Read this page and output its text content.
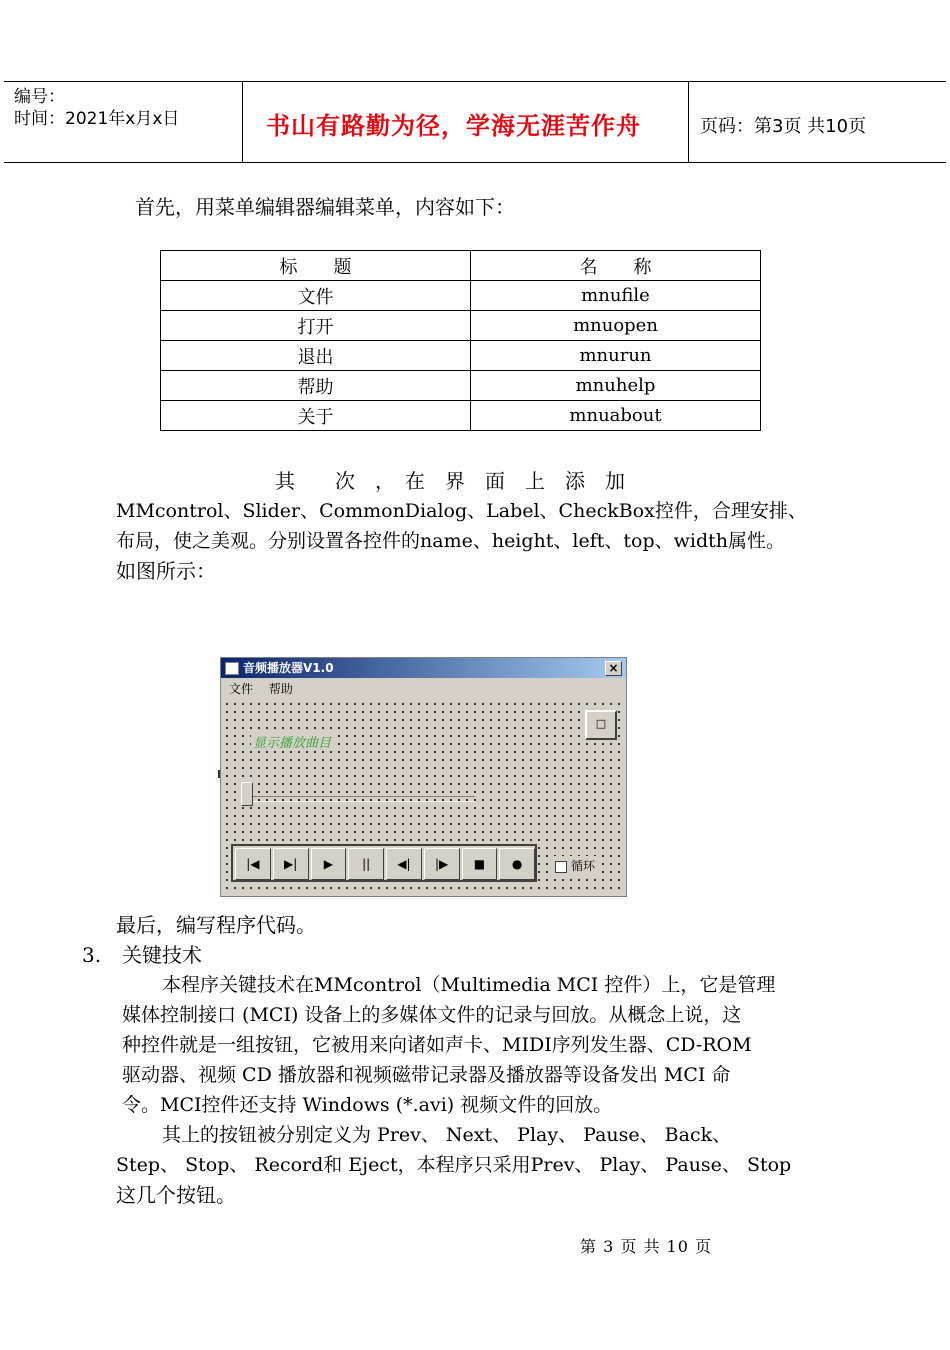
编号：
时间：2021年x月x日	书山有路勤为径，学海无涯苦作舟	页码：第3页 共10页
首先，用菜单编辑器编辑菜单，内容如下：
标　　题	名　　称
文件	mnufile
打开	mnuopen
退出	mnurun
帮助	mnuhelp
关于	mnuabout
其　　次　，　在　界　面　上　添　加
MMcontrol、Slider、CommonDialog、Label、CheckBox控件，合理安排、
布局，使之美观。分别设置各控件的name、height、left、top、width属性。
如图所示：
音频播放器V1.0	×
文件 帮助
显示播放曲目
□
|◀	▶|	▶	||	◀|	|▶	■	●	循环
最后，编写程序代码。
3. 关键技术
本程序关键技术在MMcontrol（Multimedia MCI 控件）上，它是管理
媒体控制接口 (MCI) 设备上的多媒体文件的记录与回放。从概念上说，这
种控件就是一组按钮，它被用来向诸如声卡、MIDI序列发生器、CD-ROM
驱动器、视频 CD 播放器和视频磁带记录器及播放器等设备发出 MCI 命
令。MCI控件还支持 Windows (*.avi) 视频文件的回放。
其上的按钮被分别定义为 Prev、 Next、 Play、 Pause、 Back、
Step、 Stop、 Record和 Eject，本程序只采用Prev、 Play、 Pause、 Stop
这几个按钮。
第 3 页 共 10 页
